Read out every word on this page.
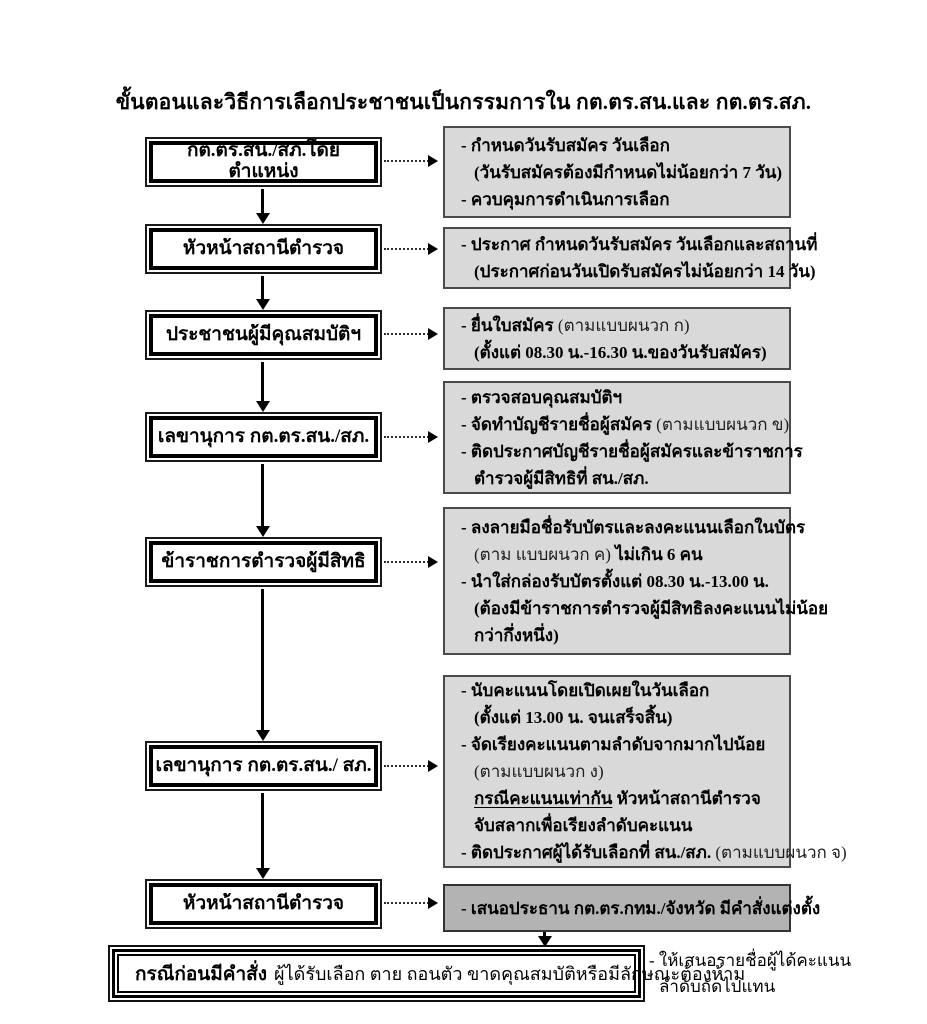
ขั้นตอนและวิธีการเลือกประชาชนเป็นกรรมการใน กต.ตร.สน.และ กต.ตร.สภ.
กต.ตร.สน./สภ.โดยตำแหน่ง
หัวหน้าสถานีตำรวจ
ประชาชนผู้มีคุณสมบัติฯ
เลขานุการ กต.ตร.สน./สภ.
ข้าราชการตำรวจผู้มีสิทธิ
เลขานุการ กต.ตร.สน./ สภ.
หัวหน้าสถานีตำรวจ
- กำหนดวันรับสมัคร วันเลือก
(วันรับสมัครต้องมีกำหนดไม่น้อยกว่า 7 วัน)
- ควบคุมการดำเนินการเลือก
- ประกาศ กำหนดวันรับสมัคร วันเลือกและสถานที่
(ประกาศก่อนวันเปิดรับสมัครไม่น้อยกว่า 14 วัน)
- ยื่นใบสมัคร (ตามแบบผนวก ก)
(ตั้งแต่ 08.30 น.-16.30 น.ของวันรับสมัคร)
- ตรวจสอบคุณสมบัติฯ
- จัดทำบัญชีรายชื่อผู้สมัคร (ตามแบบผนวก ข)
- ติดประกาศบัญชีรายชื่อผู้สมัครและข้าราชการ
ตำรวจผู้มีสิทธิที่ สน./สภ.
- ลงลายมือชื่อรับบัตรและลงคะแนนเลือกในบัตร
(ตาม แบบผนวก ค) ไม่เกิน 6 คน
- นำใส่กล่องรับบัตรตั้งแต่ 08.30 น.-13.00 น.
(ต้องมีข้าราชการตำรวจผู้มีสิทธิลงคะแนนไม่น้อย
กว่ากึ่งหนึ่ง)
- นับคะแนนโดยเปิดเผยในวันเลือก
(ตั้งแต่ 13.00 น. จนเสร็จสิ้น)
- จัดเรียงคะแนนตามลำดับจากมากไปน้อย
(ตามแบบผนวก ง)
กรณีคะแนนเท่ากัน หัวหน้าสถานีตำรวจ
จับสลากเพื่อเรียงลำดับคะแนน
- ติดประกาศผู้ได้รับเลือกที่ สน./สภ. (ตามแบบผนวก จ)
- เสนอประธาน กต.ตร.กทม./จังหวัด มีคำสั่งแต่งตั้ง
กรณีก่อนมีคำสั่ง ผู้ได้รับเลือก ตาย ถอนตัว ขาดคุณสมบัติหรือมีลักษณะต้องห้าม
- ให้เสนอรายชื่อผู้ได้คะแนน
ลำดับถัดไปแทน
